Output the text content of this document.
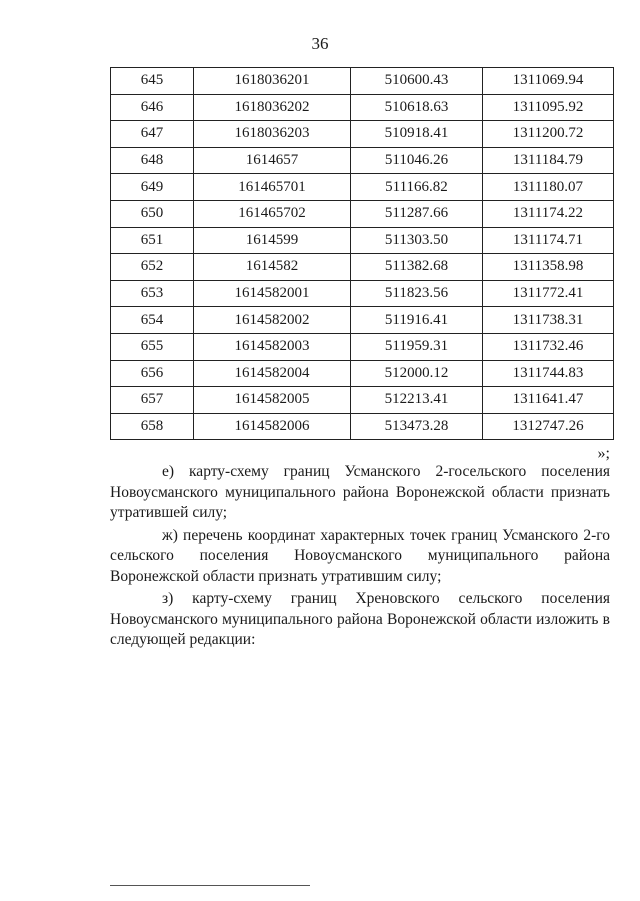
36
645	1618036201	510600.43	1311069.94
646	1618036202	510618.63	1311095.92
647	1618036203	510918.41	1311200.72
648	1614657	511046.26	1311184.79
649	161465701	511166.82	1311180.07
650	161465702	511287.66	1311174.22
651	1614599	511303.50	1311174.71
652	1614582	511382.68	1311358.98
653	1614582001	511823.56	1311772.41
654	1614582002	511916.41	1311738.31
655	1614582003	511959.31	1311732.46
656	1614582004	512000.12	1311744.83
657	1614582005	512213.41	1311641.47
658	1614582006	513473.28	1312747.26
»;

е) карту-схему границ Усманского 2-госельского поселения Новоусманского муниципального района Воронежской области признать утратившей силу;

ж) перечень координат характерных точек границ Усманского 2-го сельского поселения Новоусманского муниципального района Воронежской области признать утратившим силу;

з) карту-схему границ Хреновского сельского поселения Новоусманского муниципального района Воронежской области изложить в следующей редакции:
